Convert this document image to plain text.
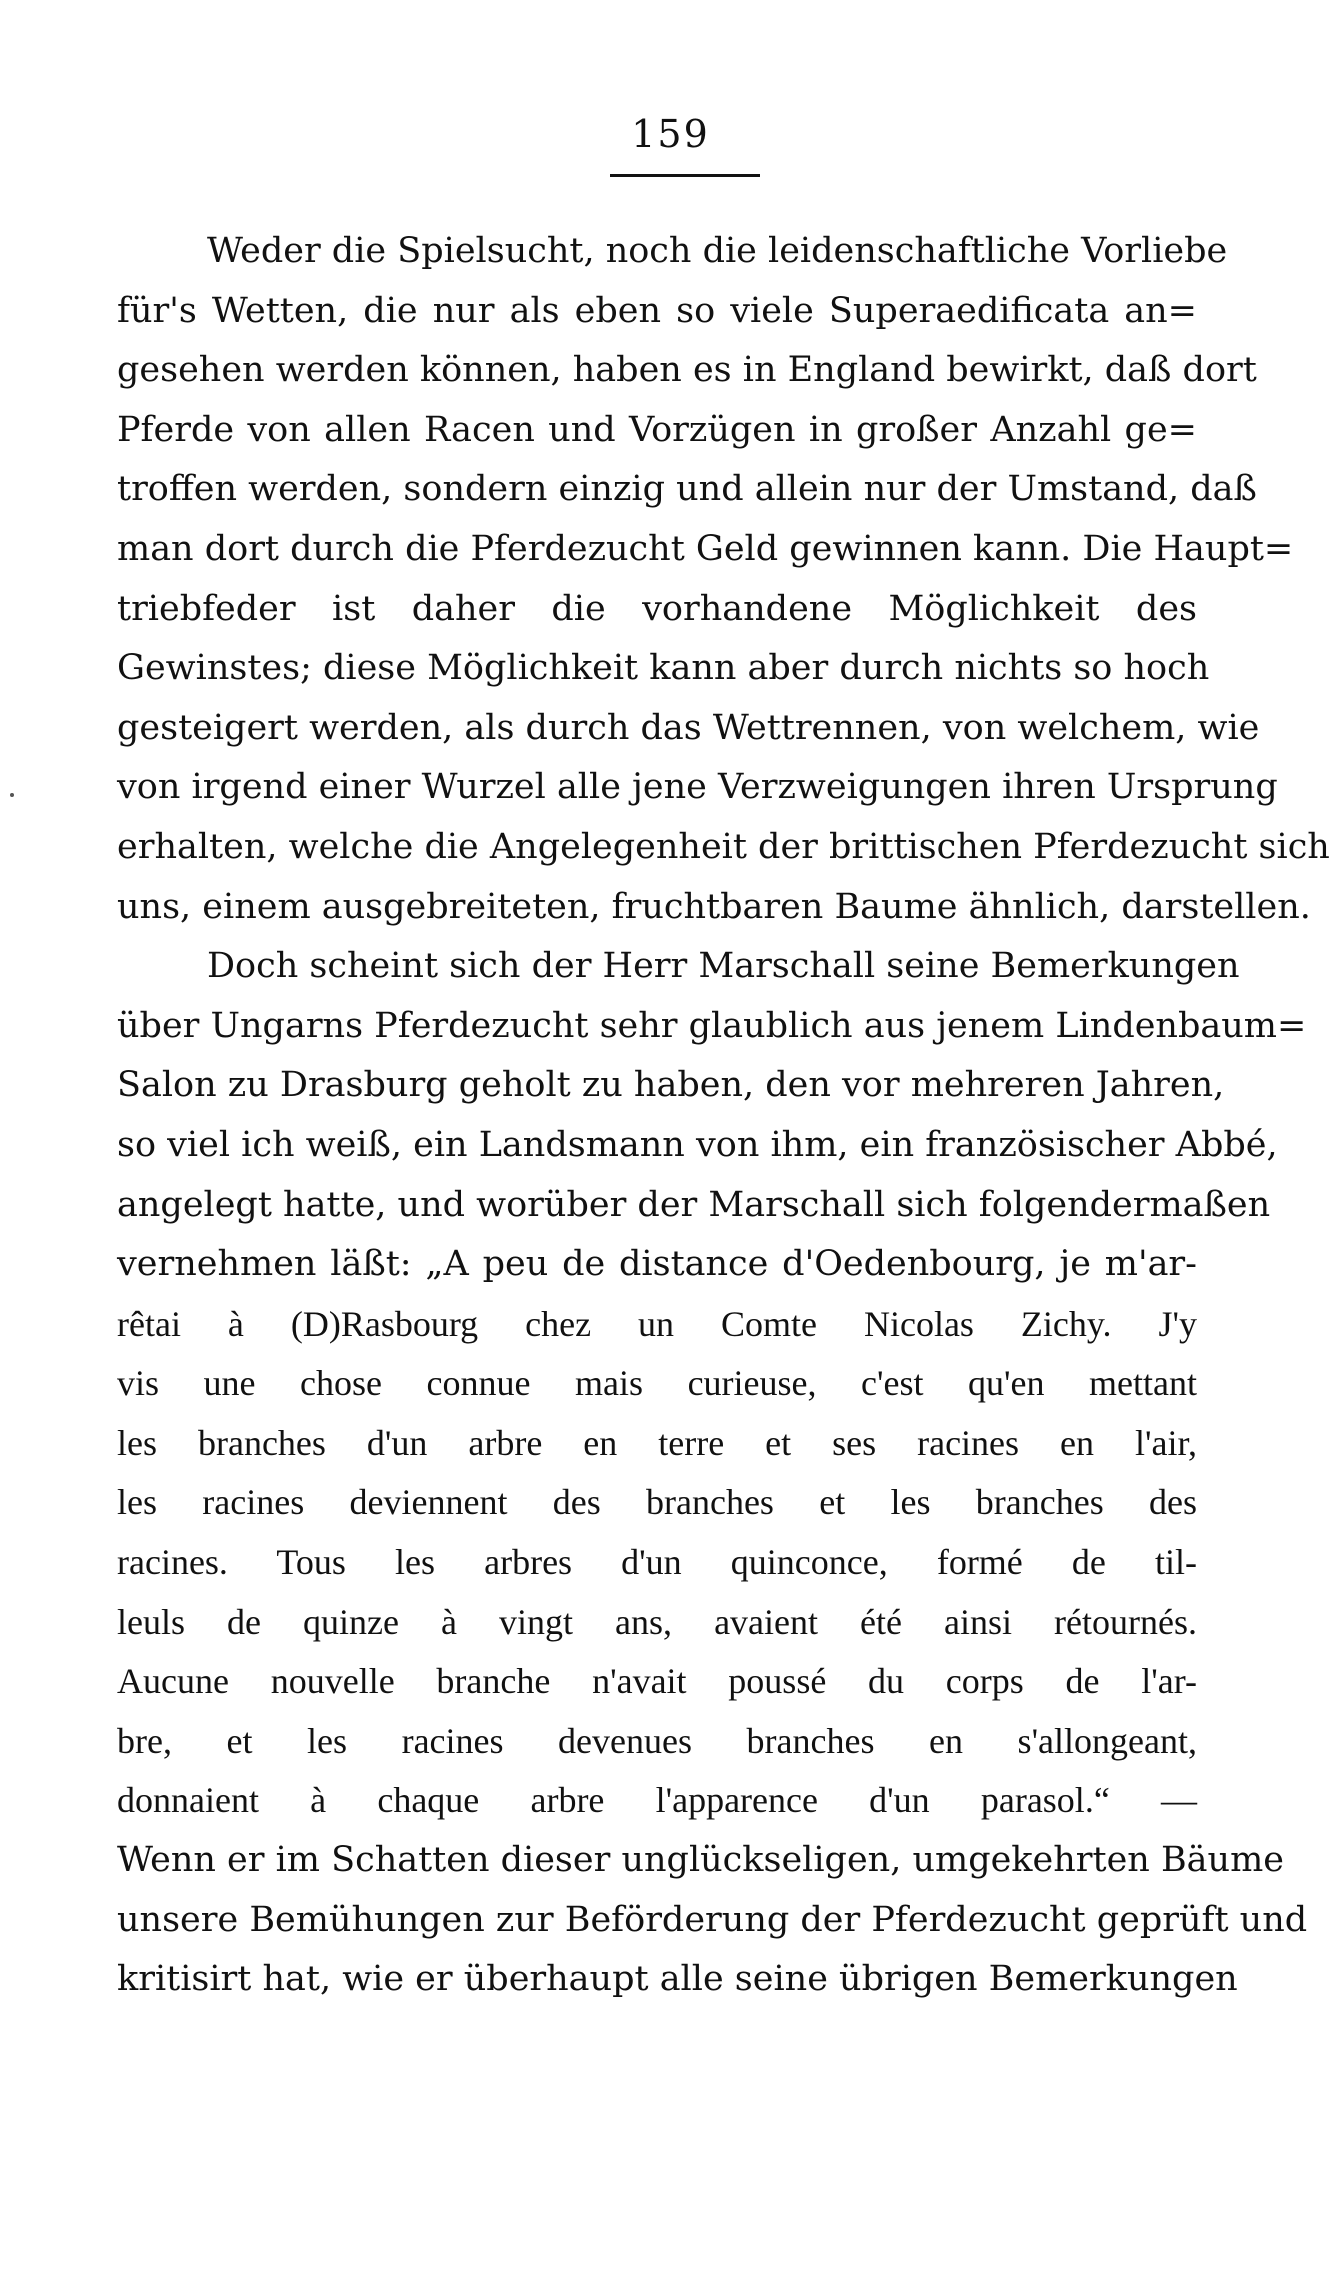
159
Weder die Spielsucht, noch die leidenschaftliche Vorliebe
für's Wetten, die nur als eben so viele Superaedificata an=
gesehen werden können, haben es in England bewirkt, daß dort
Pferde von allen Racen und Vorzügen in großer Anzahl ge=
troffen werden, sondern einzig und allein nur der Umstand, daß
man dort durch die Pferdezucht Geld gewinnen kann. Die Haupt=
triebfeder ist daher die vorhandene Möglichkeit des
Gewinstes; diese Möglichkeit kann aber durch nichts so hoch
gesteigert werden, als durch das Wettrennen, von welchem, wie
von irgend einer Wurzel alle jene Verzweigungen ihren Ursprung
erhalten, welche die Angelegenheit der brittischen Pferdezucht sich
uns, einem ausgebreiteten, fruchtbaren Baume ähnlich, darstellen.
Doch scheint sich der Herr Marschall seine Bemerkungen
über Ungarns Pferdezucht sehr glaublich aus jenem Lindenbaum=
Salon zu Drasburg geholt zu haben, den vor mehreren Jahren,
so viel ich weiß, ein Landsmann von ihm, ein französischer Abbé,
angelegt hatte, und worüber der Marschall sich folgendermaßen
vernehmen läßt: „A peu de distance d'Oedenbourg, je m'ar-
rêtai à (D)Rasbourg chez un Comte Nicolas Zichy. J'y
vis une chose connue mais curieuse, c'est qu'en mettant
les branches d'un arbre en terre et ses racines en l'air,
les racines deviennent des branches et les branches des
racines. Tous les arbres d'un quinconce, formé de til-
leuls de quinze à vingt ans, avaient été ainsi rétournés.
Aucune nouvelle branche n'avait poussé du corps de l'ar-
bre, et les racines devenues branches en s'allongeant,
donnaient à chaque arbre l'apparence d'un parasol.“ —
Wenn er im Schatten dieser unglückseligen, umgekehrten Bäume
unsere Bemühungen zur Beförderung der Pferdezucht geprüft und
kritisirt hat, wie er überhaupt alle seine übrigen Bemerkungen
